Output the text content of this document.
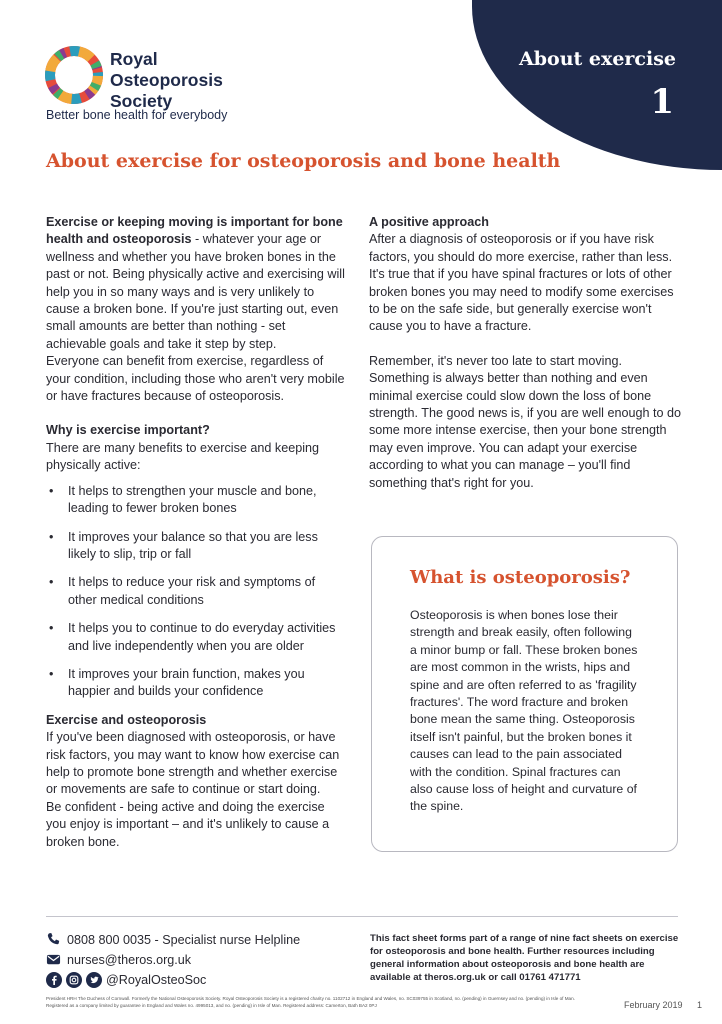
About exercise
1
Royal
Osteoporosis
Society
Better bone health for everybody
About exercise for osteoporosis and bone health

Exercise or keeping moving is important for bone health and osteoporosis - whatever your age or wellness and whether you have broken bones in the past or not. Being physically active and exercising will help you in so many ways and is very unlikely to cause a broken bone. If you're just starting out, even small amounts are better than nothing - set achievable goals and take it step by step.

Everyone can benefit from exercise, regardless of your condition, including those who aren't very mobile or have fractures because of osteoporosis.

Why is exercise important?

There are many benefits to exercise and keeping physically active:

• It helps to strengthen your muscle and bone, leading to fewer broken bones
• It improves your balance so that you are less likely to slip, trip or fall
• It helps to reduce your risk and symptoms of other medical conditions
• It helps you to continue to do everyday activities and live independently when you are older
• It improves your brain function, makes you happier and builds your confidence

Exercise and osteoporosis

If you've been diagnosed with osteoporosis, or have risk factors, you may want to know how exercise can help to promote bone strength and whether exercise or movements are safe to continue or start doing.

Be confident - being active and doing the exercise you enjoy is important – and it's unlikely to cause a broken bone.

A positive approach

After a diagnosis of osteoporosis or if you have risk factors, you should do more exercise, rather than less. It's true that if you have spinal fractures or lots of other broken bones you may need to modify some exercises to be on the safe side, but generally exercise won't cause you to have a fracture.

Remember, it's never too late to start moving. Something is always better than nothing and even minimal exercise could slow down the loss of bone strength. The good news is, if you are well enough to do some more intense exercise, then your bone strength may even improve. You can adapt your exercise according to what you can manage – you'll find something that's right for you.

What is osteoporosis?

Osteoporosis is when bones lose their strength and break easily, often following a minor bump or fall. These broken bones are most common in the wrists, hips and spine and are often referred to as 'fragility fractures'. The word fracture and broken bone mean the same thing. Osteoporosis itself isn't painful, but the broken bones it causes can lead to the pain associated with the condition. Spinal fractures can also cause loss of height and curvature of the spine.

0808 800 0035 - Specialist nurse Helpline
nurses@theros.org.uk
@RoyalOsteoSoc

This fact sheet forms part of a range of nine fact sheets on exercise for osteoporosis and bone health. Further resources including general information about osteoporosis and bone health are available at theros.org.uk or call 01761 471771

President HRH The Duchess of Cornwall. Formerly the National Osteoporosis Society. Royal Osteoporosis Society is a registered charity no. 1102712 in England and Wales, no. SC039755 in Scotland, no. (pending) in Guernsey and no. (pending) in Isle of Man. Registered as a company limited by guarantee in England and Wales no. 4995013, and no. (pending) in Isle of Man. Registered address: Camerton, Bath BA2 0PJ	February 2019 1
